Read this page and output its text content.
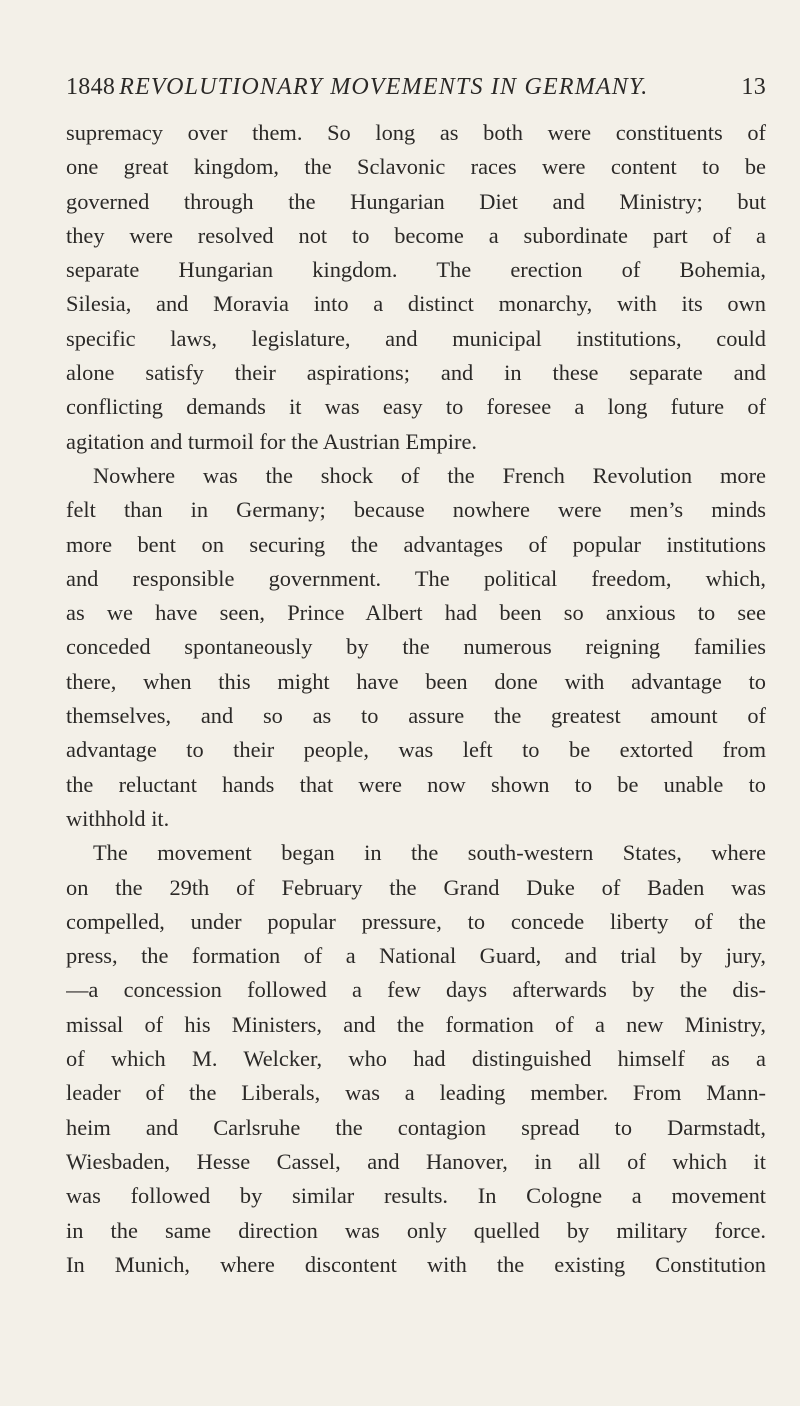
1848 REVOLUTIONARY MOVEMENTS IN GERMANY.	13
supremacy over them. So long as both were constituents of
one great kingdom, the Sclavonic races were content to be
governed through the Hungarian Diet and Ministry; but
they were resolved not to become a subordinate part of a
separate Hungarian kingdom. The erection of Bohemia,
Silesia, and Moravia into a distinct monarchy, with its own
specific laws, legislature, and municipal institutions, could
alone satisfy their aspirations; and in these separate and
conflicting demands it was easy to foresee a long future of
agitation and turmoil for the Austrian Empire.
Nowhere was the shock of the French Revolution more
felt than in Germany; because nowhere were men’s minds
more bent on securing the advantages of popular institutions
and responsible government. The political freedom, which,
as we have seen, Prince Albert had been so anxious to see
conceded spontaneously by the numerous reigning families
there, when this might have been done with advantage to
themselves, and so as to assure the greatest amount of
advantage to their people, was left to be extorted from
the reluctant hands that were now shown to be unable to
withhold it.
The movement began in the south-western States, where
on the 29th of February the Grand Duke of Baden was
compelled, under popular pressure, to concede liberty of the
press, the formation of a National Guard, and trial by jury,
—a concession followed a few days afterwards by the dis-
missal of his Ministers, and the formation of a new Ministry,
of which M. Welcker, who had distinguished himself as a
leader of the Liberals, was a leading member. From Mann-
heim and Carlsruhe the contagion spread to Darmstadt,
Wiesbaden, Hesse Cassel, and Hanover, in all of which it
was followed by similar results. In Cologne a movement
in the same direction was only quelled by military force.
In Munich, where discontent with the existing Constitution
